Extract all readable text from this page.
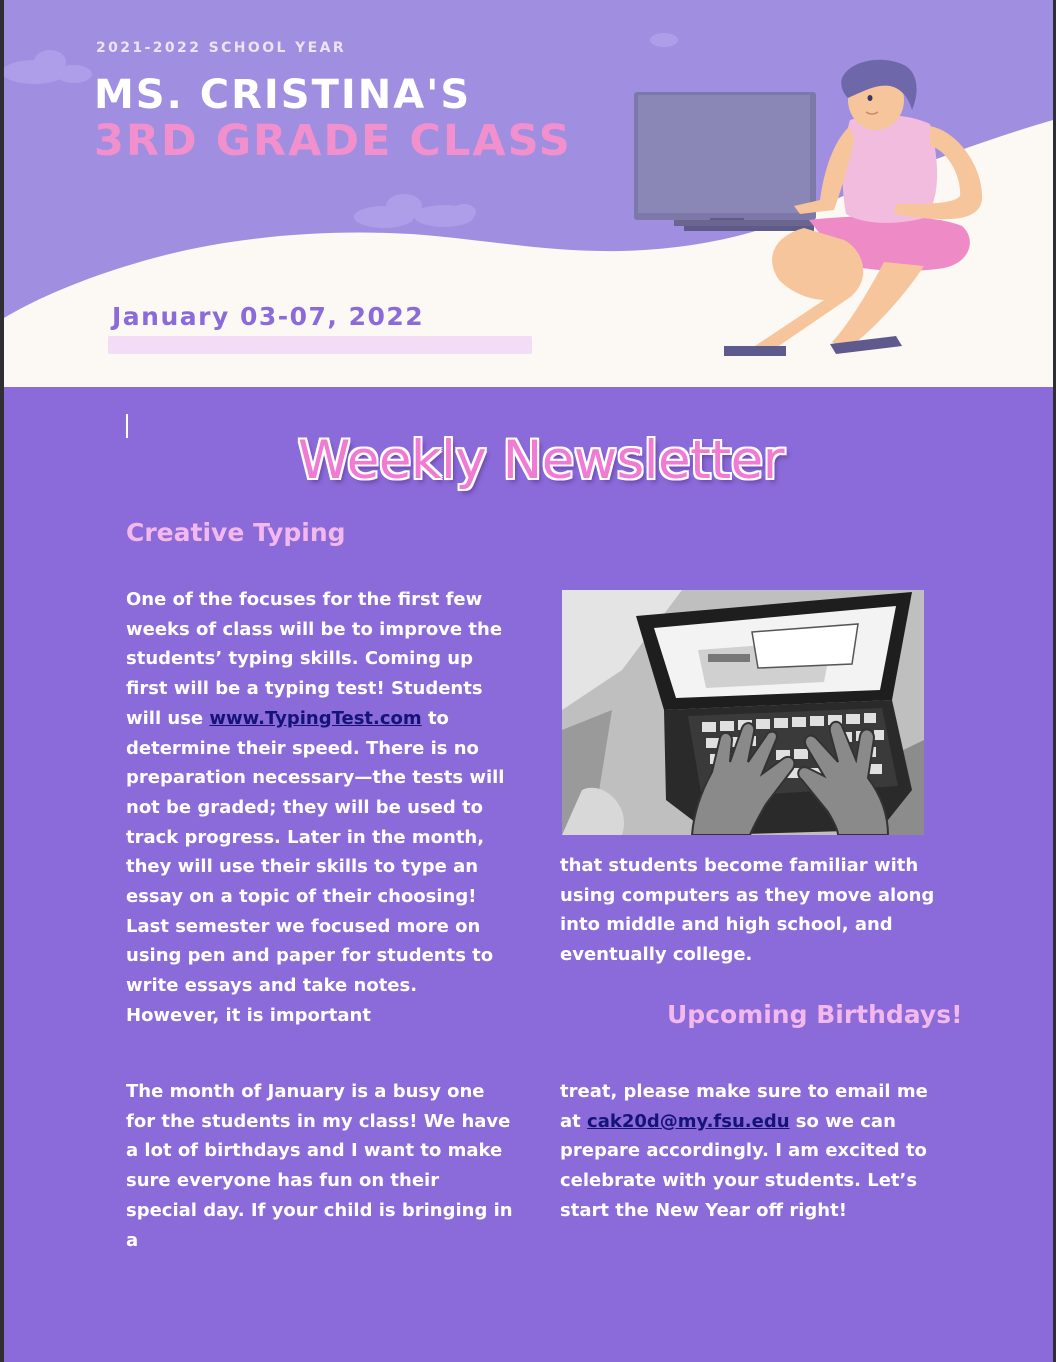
2021-2022 SCHOOL YEAR
MS. CRISTINA'S
3RD GRADE CLASS
January 03-07, 2022
Weekly Newsletter
Creative Typing

One of the focuses for the first few weeks of class will be to improve the students’ typing skills. Coming up first will be a typing test! Students will use www.TypingTest.com to determine their speed. There is no preparation necessary—the tests will not be graded; they will be used to track progress. Later in the month, they will use their skills to type an essay on a topic of their choosing! Last semester we focused more on using pen and paper for students to write essays and take notes. However, it is important

that students become familiar with using computers as they move along into middle and high school, and eventually college.

Upcoming Birthdays!

The month of January is a busy one for the students in my class! We have a lot of birthdays and I want to make sure everyone has fun on their special day. If your child is bringing in a

treat, please make sure to email me at cak20d@my.fsu.edu so we can prepare accordingly. I am excited to celebrate with your students. Let’s start the New Year off right!
